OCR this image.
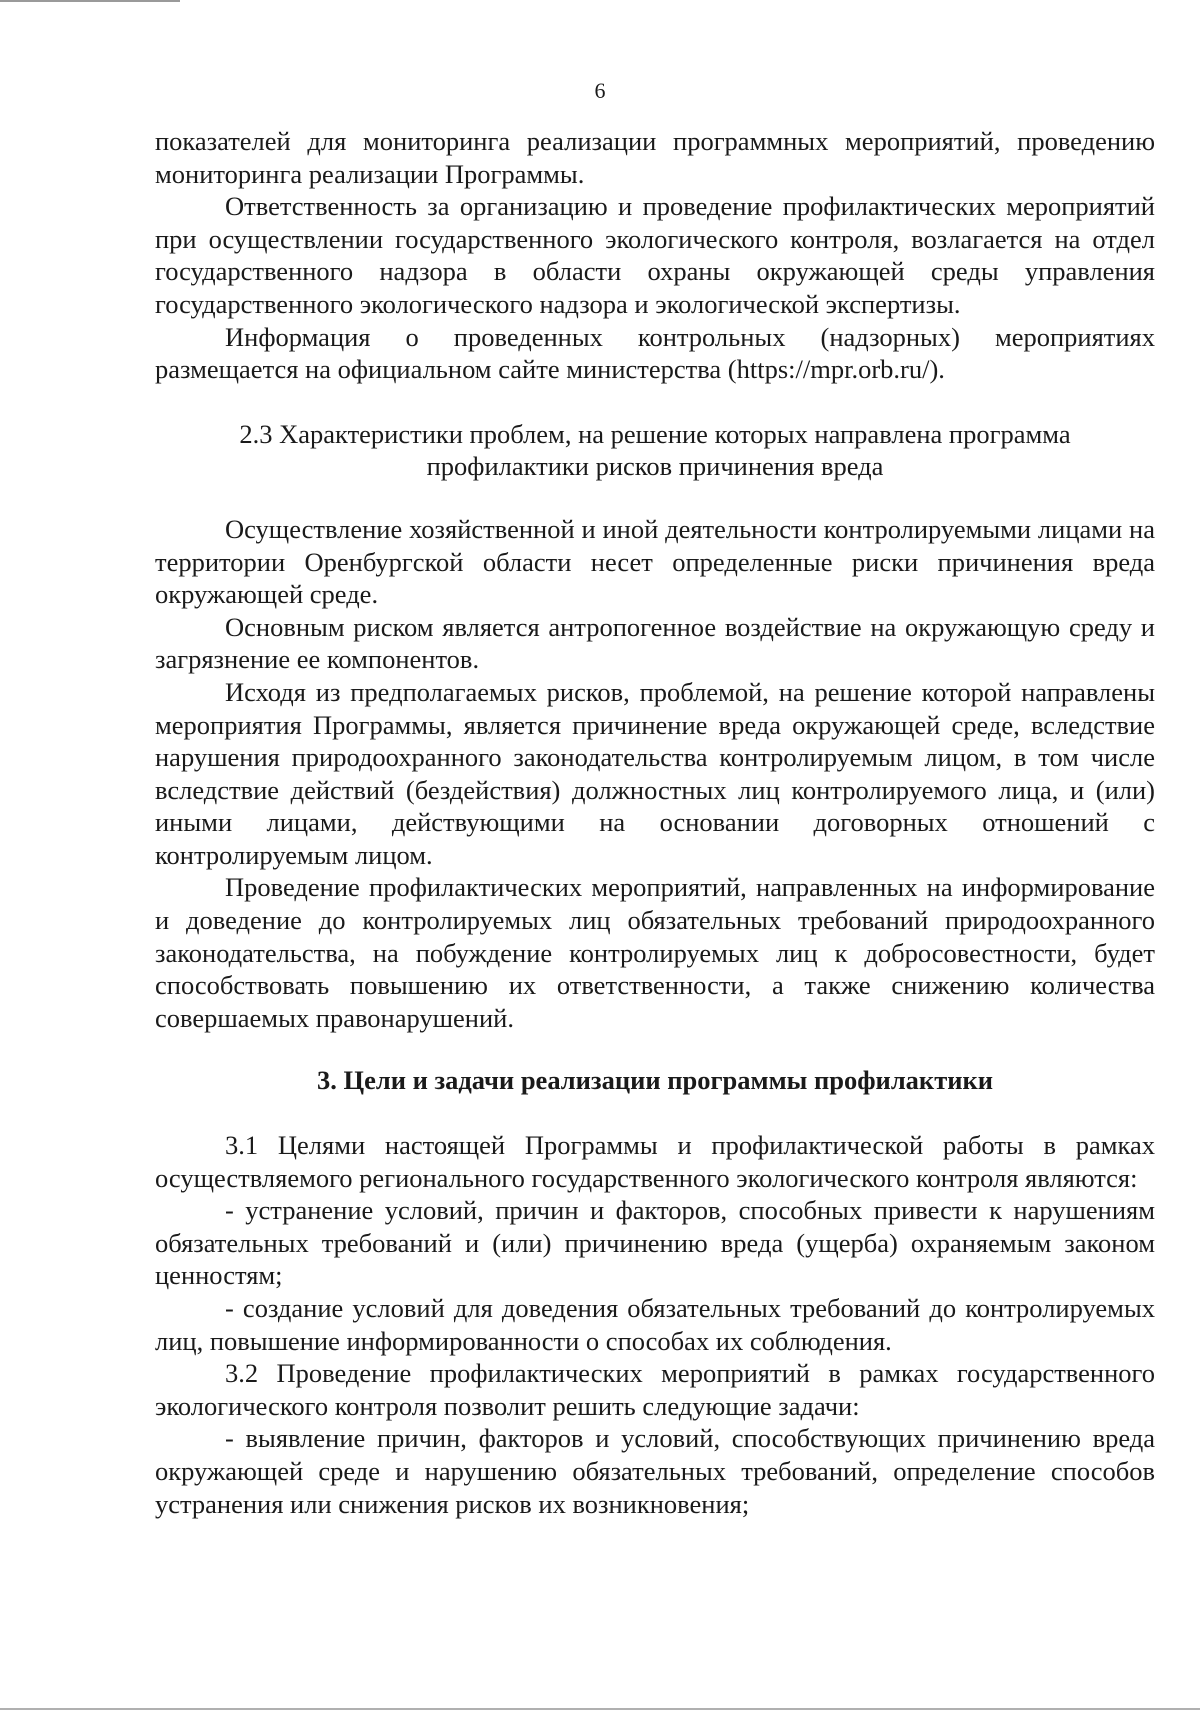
6

показателей для мониторинга реализации программных мероприятий, проведению мониторинга реализации Программы.

Ответственность за организацию и проведение профилактических мероприятий при осуществлении государственного экологического контроля, возлагается на отдел государственного надзора в области охраны окружающей среды управления государственного экологического надзора и экологической экспертизы.

Информация о проведенных контрольных (надзорных) мероприятиях размещается на официальном сайте министерства (https://mpr.orb.ru/).

2.3 Характеристики проблем, на решение которых направлена программа профилактики рисков причинения вреда

Осуществление хозяйственной и иной деятельности контролируемыми лицами на территории Оренбургской области несет определенные риски причинения вреда окружающей среде.

Основным риском является антропогенное воздействие на окружающую среду и загрязнение ее компонентов.

Исходя из предполагаемых рисков, проблемой, на решение которой направлены мероприятия Программы, является причинение вреда окружающей среде, вследствие нарушения природоохранного законодательства контролируемым лицом, в том числе вследствие действий (бездействия) должностных лиц контролируемого лица, и (или) иными лицами, действующими на основании договорных отношений с контролируемым лицом.

Проведение профилактических мероприятий, направленных на информирование и доведение до контролируемых лиц обязательных требований природоохранного законодательства, на побуждение контролируемых лиц к добросовестности, будет способствовать повышению их ответственности, а также снижению количества совершаемых правонарушений.

3. Цели и задачи реализации программы профилактики

3.1 Целями настоящей Программы и профилактической работы в рамках осуществляемого регионального государственного экологического контроля являются:

- устранение условий, причин и факторов, способных привести к нарушениям обязательных требований и (или) причинению вреда (ущерба) охраняемым законом ценностям;

- создание условий для доведения обязательных требований до контролируемых лиц, повышение информированности о способах их соблюдения.

3.2 Проведение профилактических мероприятий в рамках государственного экологического контроля позволит решить следующие задачи:

- выявление причин, факторов и условий, способствующих причинению вреда окружающей среде и нарушению обязательных требований, определение способов устранения или снижения рисков их возникновения;
